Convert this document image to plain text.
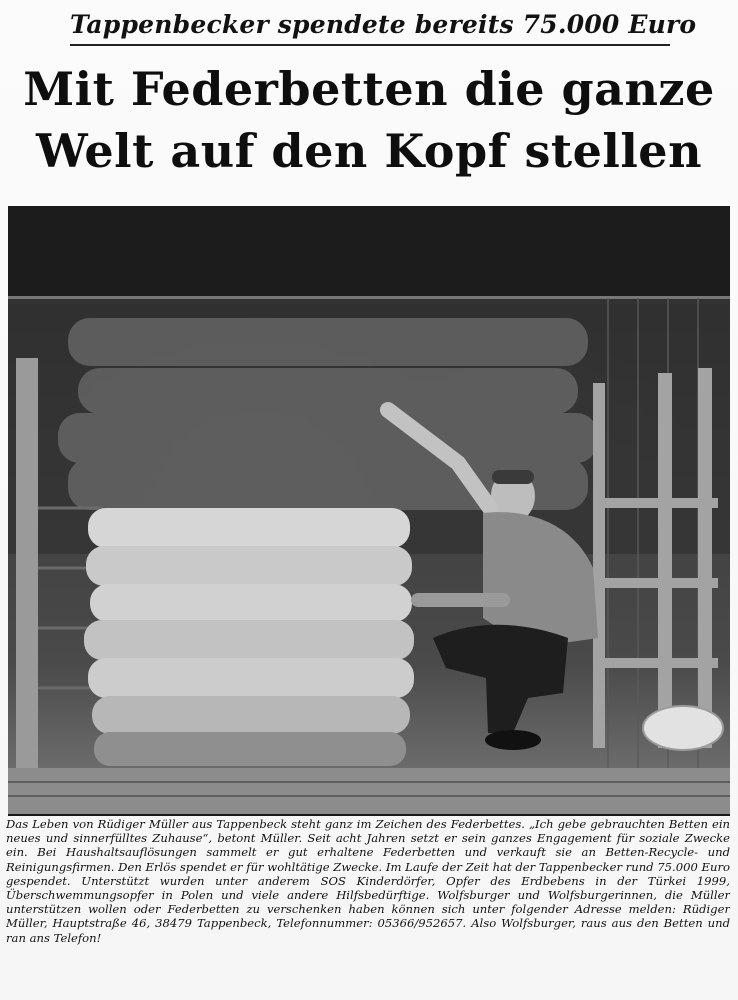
Tappenbecker spendete bereits 75.000 Euro
Mit Federbetten die ganze
Welt auf den Kopf stellen
Das Leben von Rüdiger Müller aus Tappenbeck steht ganz im Zeichen des Federbettes. „Ich gebe gebrauchten Betten ein neues und sinnerfülltes Zuhause“, betont Müller. Seit acht Jahren setzt er sein ganzes Engagement für soziale Zwecke ein. Bei Haushaltsauflösungen sammelt er gut erhaltene Federbetten und verkauft sie an Betten-Recycle- und Reinigungsfirmen. Den Erlös spendet er für wohltätige Zwecke. Im Laufe der Zeit hat der Tappenbecker rund 75.000 Euro gespendet. Unterstützt wurden unter anderem SOS Kinderdörfer, Opfer des Erdbebens in der Türkei 1999, Überschwemmungsopfer in Polen und viele andere Hilfsbedürftige. Wolfsburger und Wolfsburgerinnen, die Müller unterstützen wollen oder Federbetten zu verschenken haben können sich unter folgender Adresse melden: Rüdiger Müller, Hauptstraße 46, 38479 Tappenbeck, Telefonnummer: 05366/952657. Also Wolfsburger, raus aus den Betten und ran ans Telefon!
